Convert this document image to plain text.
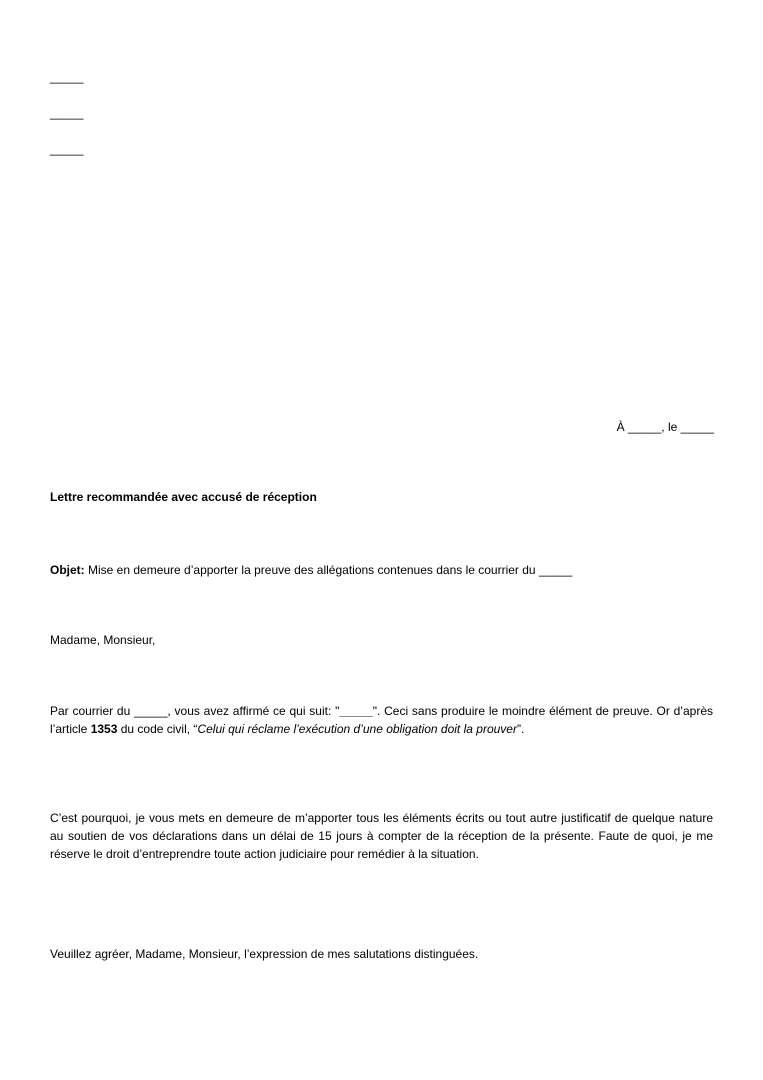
_____
_____
_____
À _____, le _____
Lettre recommandée avec accusé de réception
Objet: Mise en demeure d’apporter la preuve des allégations contenues dans le courrier du _____
Madame, Monsieur,
Par courrier du _____, vous avez affirmé ce qui suit: "_____". Ceci sans produire le moindre élément de preuve. Or d’après l’article 1353 du code civil, “Celui qui réclame l’exécution d’une obligation doit la prouver”.
C’est pourquoi, je vous mets en demeure de m’apporter tous les éléments écrits ou tout autre justificatif de quelque nature au soutien de vos déclarations dans un délai de 15 jours à compter de la réception de la présente. Faute de quoi, je me réserve le droit d’entreprendre toute action judiciaire pour remédier à la situation.
Veuillez agréer, Madame, Monsieur, l’expression de mes salutations distinguées.
